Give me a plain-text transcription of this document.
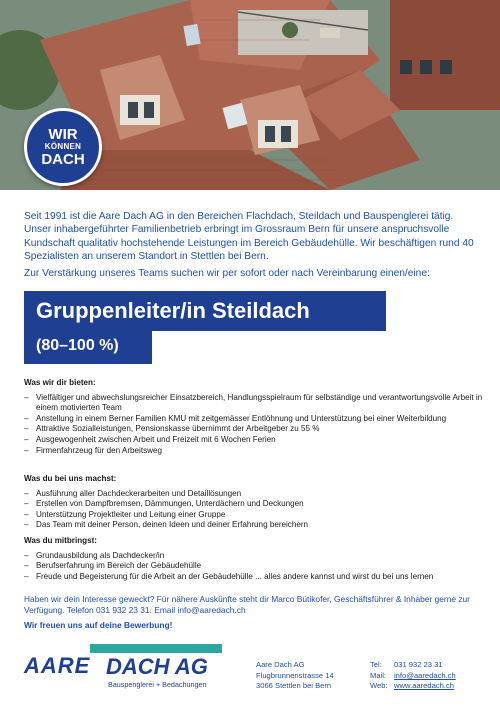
WIR
KÖNNEN
DACH

Seit 1991 ist die Aare Dach AG in den Bereichen Flachdach, Steildach und Bauspenglerei tätig. Unser inhabergeführter Familienbetrieb erbringt im Grossraum Bern für unsere anspruchsvolle Kundschaft qualitativ hochstehende Leistungen im Bereich Gebäudehülle. Wir beschäftigen rund 40 Spezialisten an unserem Standort in Stettlen bei Bern.

Zur Verstärkung unseres Teams suchen wir per sofort oder nach Vereinbarung einen/eine:

Gruppenleiter/in Steildach
(80–100 %)
Was wir dir bieten:
– Vielfältiger und abwechslungsreicher Einsatzbereich, Handlungsspielraum für selbständige und verantwortungsvolle Arbeit in einem motivierten Team
– Anstellung in einem Berner Familien KMU mit zeitgemässer Entlöhnung und Unterstützung bei einer Weiterbildung
– Attraktive Sozialleistungen, Pensionskasse übernimmt der Arbeitgeber zu 55 %
– Ausgewogenheit zwischen Arbeit und Freizeit mit 6 Wochen Ferien
– Firmenfahrzeug für den Arbeitsweg
Was du bei uns machst:
– Ausführung aller Dachdeckerarbeiten und Detaillösungen
– Erstellen von Dampfbremsen, Dämmungen, Unterdächern und Deckungen
– Unterstützung Projektleiter und Leitung einer Gruppe
– Das Team mit deiner Person, deinen Ideen und deiner Erfahrung bereichern
Was du mitbringst:
– Grundausbildung als Dachdecker/in
– Berufserfahrung im Bereich der Gebäudehülle
– Freude und Begeisterung für die Arbeit an der Gebäudehülle ... alles andere kannst und wirst du bei uns lernen

Haben wir dein Interesse geweckt? Für nähere Auskünfte steht dir Marco Bütikofer, Geschäftsführer & Inhaber gerne zur Verfügung. Telefon 031 932 23 31. Email info@aaredach.ch

Wir freuen uns auf deine Bewerbung!

AARE DACH AG
Bauspenglerei + Bedachungen
Aare Dach AG
Flugbrunnenstrasse 14
3066 Stettlen bei Bern
Tel:	031 932 23 31
Mail:	info@aaredach.ch
Web: www.aaredach.ch
